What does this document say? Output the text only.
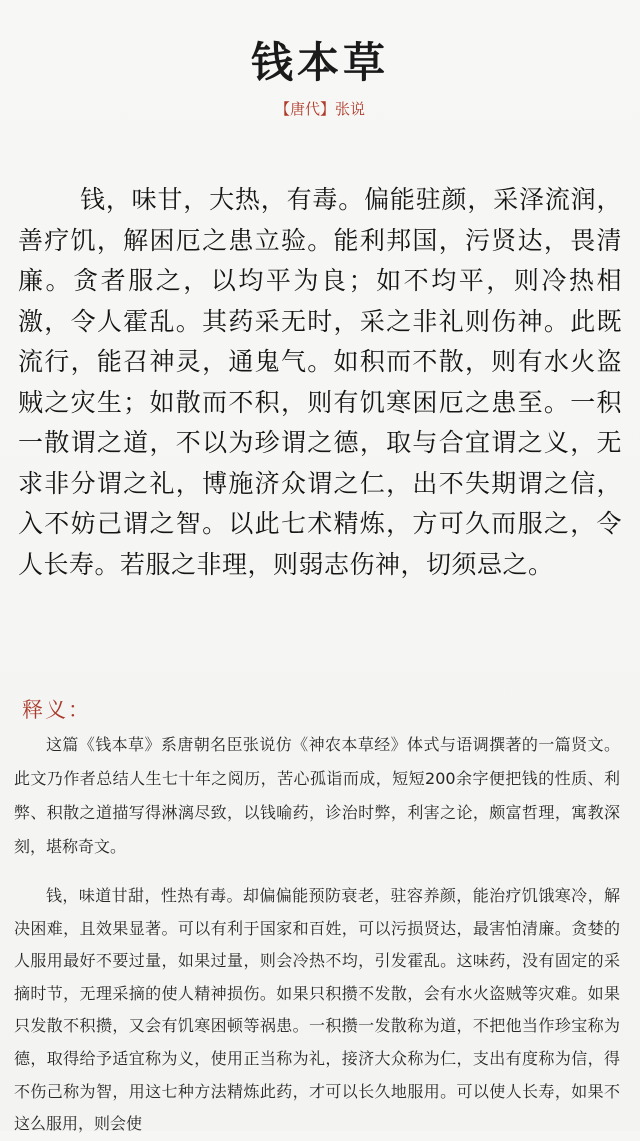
钱本草
【唐代】张说
钱，味甘，大热，有毒。偏能驻颜，采泽流润，善疗饥，解困厄之患立验。能利邦国，污贤达，畏清廉。贪者服之，以均平为良；如不均平，则冷热相激，令人霍乱。其药采无时，采之非礼则伤神。此既流行，能召神灵，通鬼气。如积而不散，则有水火盗贼之灾生；如散而不积，则有饥寒困厄之患至。一积一散谓之道，不以为珍谓之德，取与合宜谓之义，无求非分谓之礼，博施济众谓之仁，出不失期谓之信，入不妨己谓之智。以此七术精炼，方可久而服之，令人长寿。若服之非理，则弱志伤神，切须忌之。
释义：
这篇《钱本草》系唐朝名臣张说仿《神农本草经》体式与语调撰著的一篇贤文。此文乃作者总结人生七十年之阅历，苦心孤诣而成，短短200余字便把钱的性质、利弊、积散之道描写得淋漓尽致，以钱喻药，诊治时弊，利害之论，颇富哲理，寓教深刻，堪称奇文。
钱，味道甘甜，性热有毒。却偏偏能预防衰老，驻容养颜，能治疗饥饿寒冷，解决困难，且效果显著。可以有利于国家和百姓，可以污损贤达，最害怕清廉。贪婪的人服用最好不要过量，如果过量，则会冷热不均，引发霍乱。这味药，没有固定的采摘时节，无理采摘的使人精神损伤。如果只积攒不发散，会有水火盗贼等灾难。如果只发散不积攒，又会有饥寒困顿等祸患。一积攒一发散称为道，不把他当作珍宝称为德，取得给予适宜称为义，使用正当称为礼，接济大众称为仁，支出有度称为信，得不伤己称为智，用这七种方法精炼此药，才可以长久地服用。可以使人长寿，如果不这么服用，则会使
